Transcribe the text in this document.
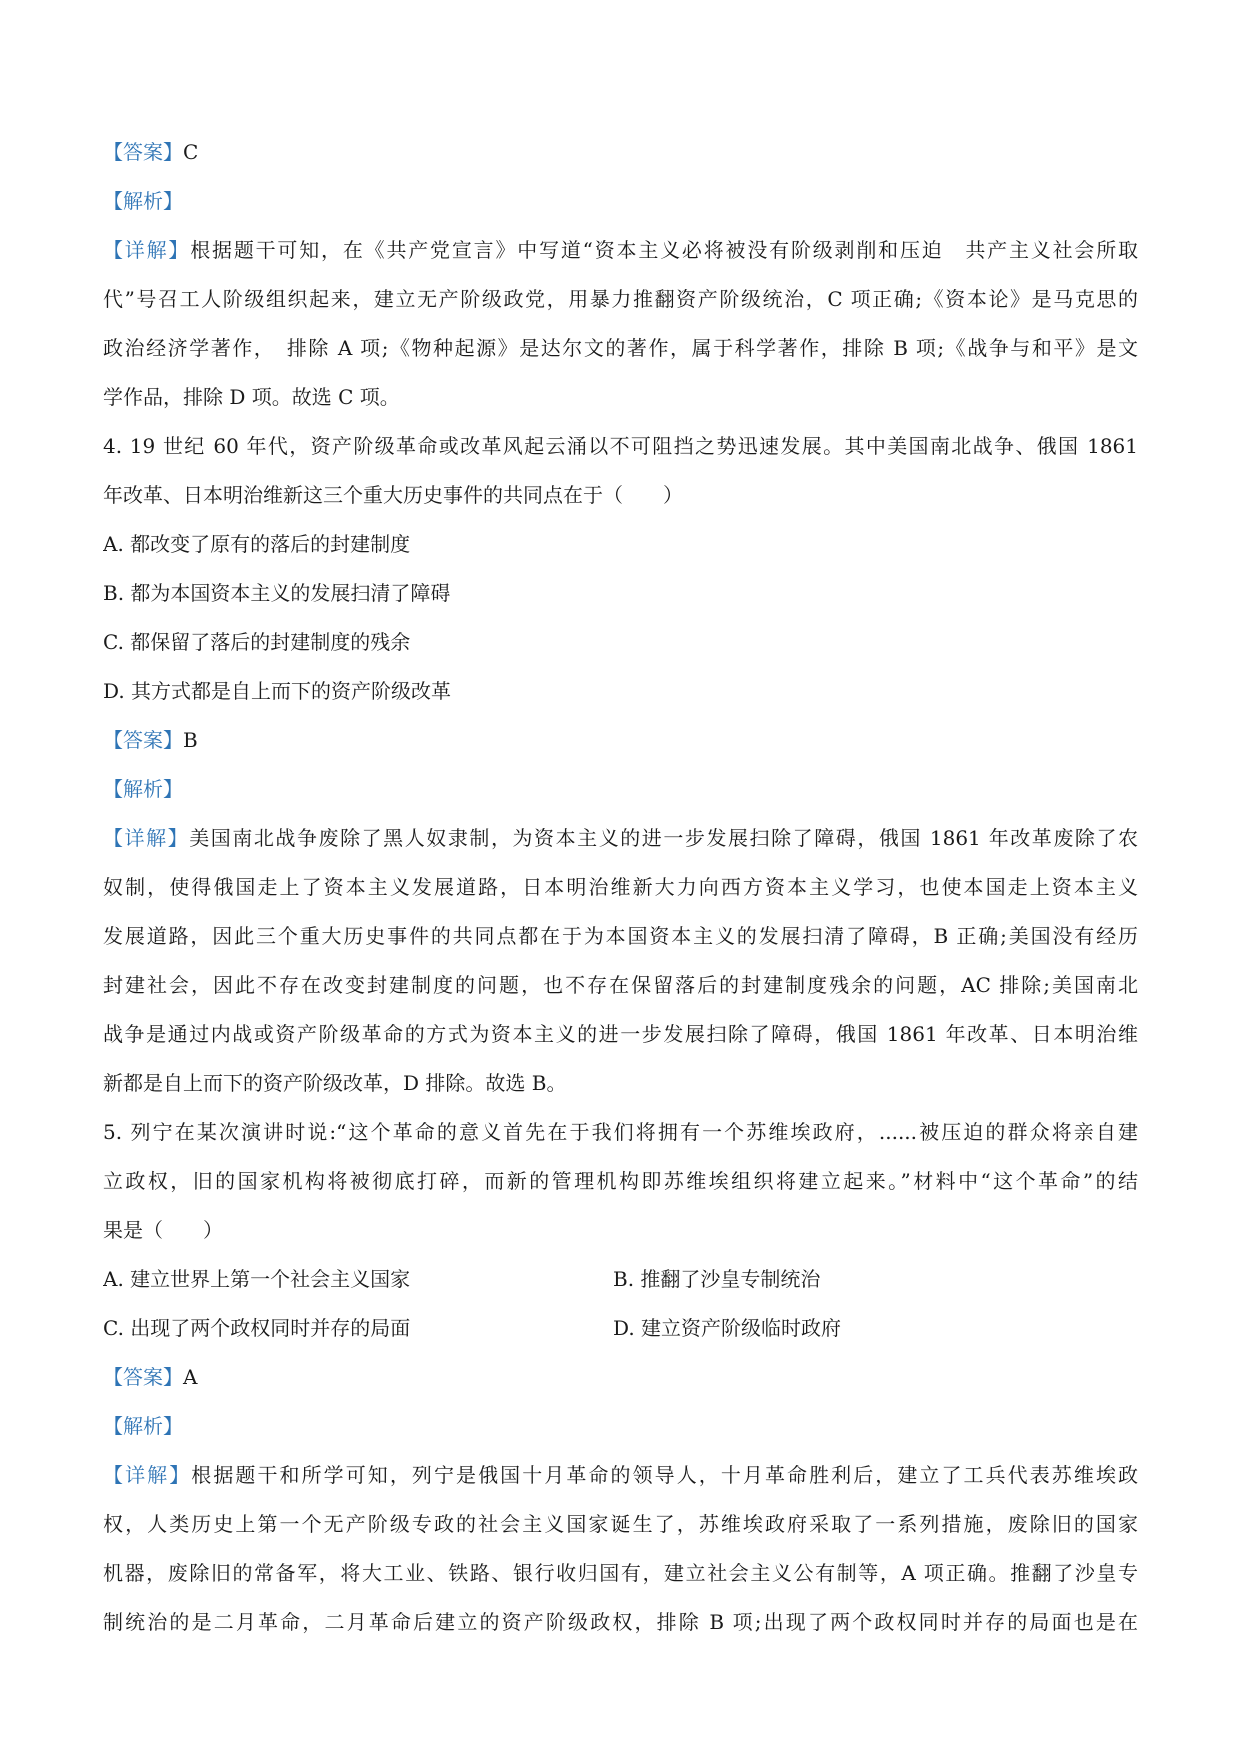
【答案】C
【解析】
【详解】根据题干可知，在《共产党宣言》中写道“资本主义必将被没有阶级剥削和压迫　共产主义社会所取
代”号召工人阶级组织起来，建立无产阶级政党，用暴力推翻资产阶级统治，C 项正确;《资本论》是马克思的
政治经济学著作，　排除 A 项;《物种起源》是达尔文的著作，属于科学著作，排除 B 项;《战争与和平》是文
学作品，排除 D 项。故选 C 项。
4. 19 世纪 60 年代，资产阶级革命或改革风起云涌以不可阻挡之势迅速发展。其中美国南北战争、俄国 1861
年改革、日本明治维新这三个重大历史事件的共同点在于（　　）
A. 都改变了原有的落后的封建制度
B. 都为本国资本主义的发展扫清了障碍
C. 都保留了落后的封建制度的残余
D. 其方式都是自上而下的资产阶级改革
【答案】B
【解析】
【详解】美国南北战争废除了黑人奴隶制，为资本主义的进一步发展扫除了障碍，俄国 1861 年改革废除了农
奴制，使得俄国走上了资本主义发展道路，日本明治维新大力向西方资本主义学习，也使本国走上资本主义
发展道路，因此三个重大历史事件的共同点都在于为本国资本主义的发展扫清了障碍，B 正确;美国没有经历
封建社会，因此不存在改变封建制度的问题，也不存在保留落后的封建制度残余的问题，AC 排除;美国南北
战争是通过内战或资产阶级革命的方式为资本主义的进一步发展扫除了障碍，俄国 1861 年改革、日本明治维
新都是自上而下的资产阶级改革，D 排除。故选 B。
5. 列宁在某次演讲时说:“这个革命的意义首先在于我们将拥有一个苏维埃政府，......被压迫的群众将亲自建
立政权，旧的国家机构将被彻底打碎，而新的管理机构即苏维埃组织将建立起来。”材料中“这个革命”的结
果是（　　）
A. 建立世界上第一个社会主义国家	B. 推翻了沙皇专制统治
C. 出现了两个政权同时并存的局面	D. 建立资产阶级临时政府
【答案】A
【解析】
【详解】根据题干和所学可知，列宁是俄国十月革命的领导人，十月革命胜利后，建立了工兵代表苏维埃政
权，人类历史上第一个无产阶级专政的社会主义国家诞生了，苏维埃政府采取了一系列措施，废除旧的国家
机器，废除旧的常备军，将大工业、铁路、银行收归国有，建立社会主义公有制等，A 项正确。推翻了沙皇专
制统治的是二月革命，二月革命后建立的资产阶级政权，排除 B 项;出现了两个政权同时并存的局面也是在
